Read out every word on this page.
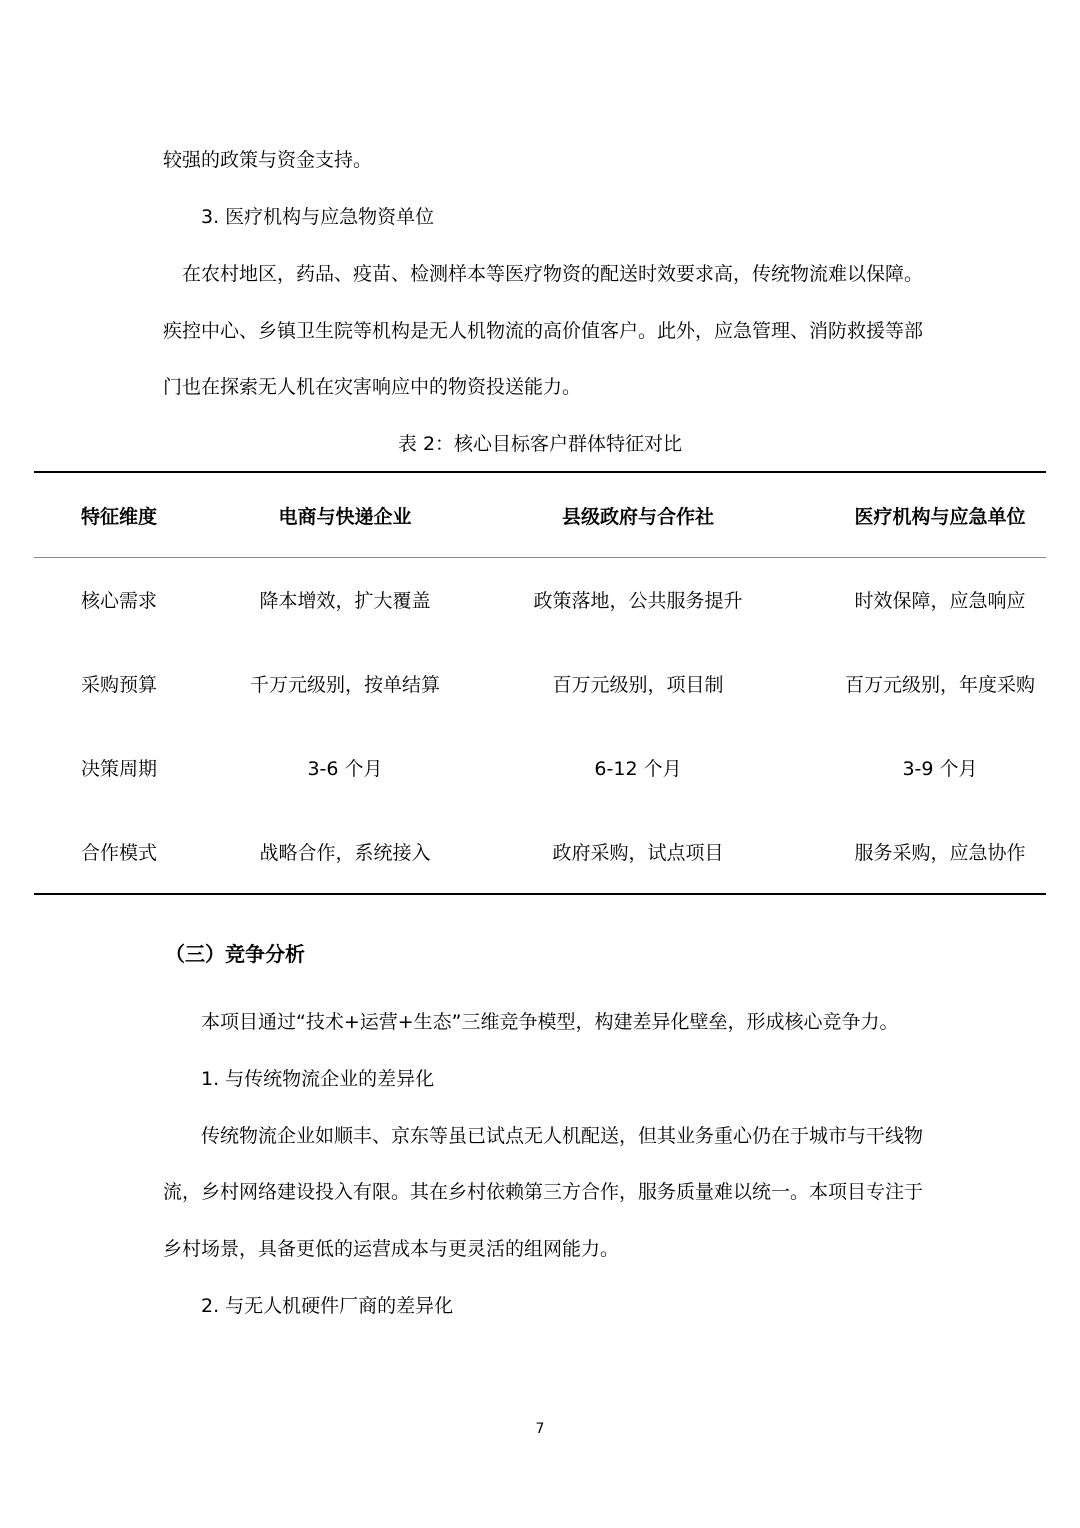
较强的政策与资金支持。
3. 医疗机构与应急物资单位
在农村地区，药品、疫苗、检测样本等医疗物资的配送时效要求高，传统物流难以保障。
疾控中心、乡镇卫生院等机构是无人机物流的高价值客户。此外，应急管理、消防救援等部
门也在探索无人机在灾害响应中的物资投送能力。
表 2：核心目标客户群体特征对比
特征维度	电商与快递企业	县级政府与合作社	医疗机构与应急单位
核心需求	降本增效，扩大覆盖	政策落地，公共服务提升	时效保障，应急响应
采购预算	千万元级别，按单结算	百万元级别，项目制	百万元级别，年度采购
决策周期	3-6 个月	6-12 个月	3-9 个月
合作模式	战略合作，系统接入	政府采购，试点项目	服务采购，应急协作
（三）竞争分析
本项目通过“技术+运营+生态”三维竞争模型，构建差异化壁垒，形成核心竞争力。
1. 与传统物流企业的差异化
传统物流企业如顺丰、京东等虽已试点无人机配送，但其业务重心仍在于城市与干线物
流，乡村网络建设投入有限。其在乡村依赖第三方合作，服务质量难以统一。本项目专注于
乡村场景，具备更低的运营成本与更灵活的组网能力。
2. 与无人机硬件厂商的差异化
7
